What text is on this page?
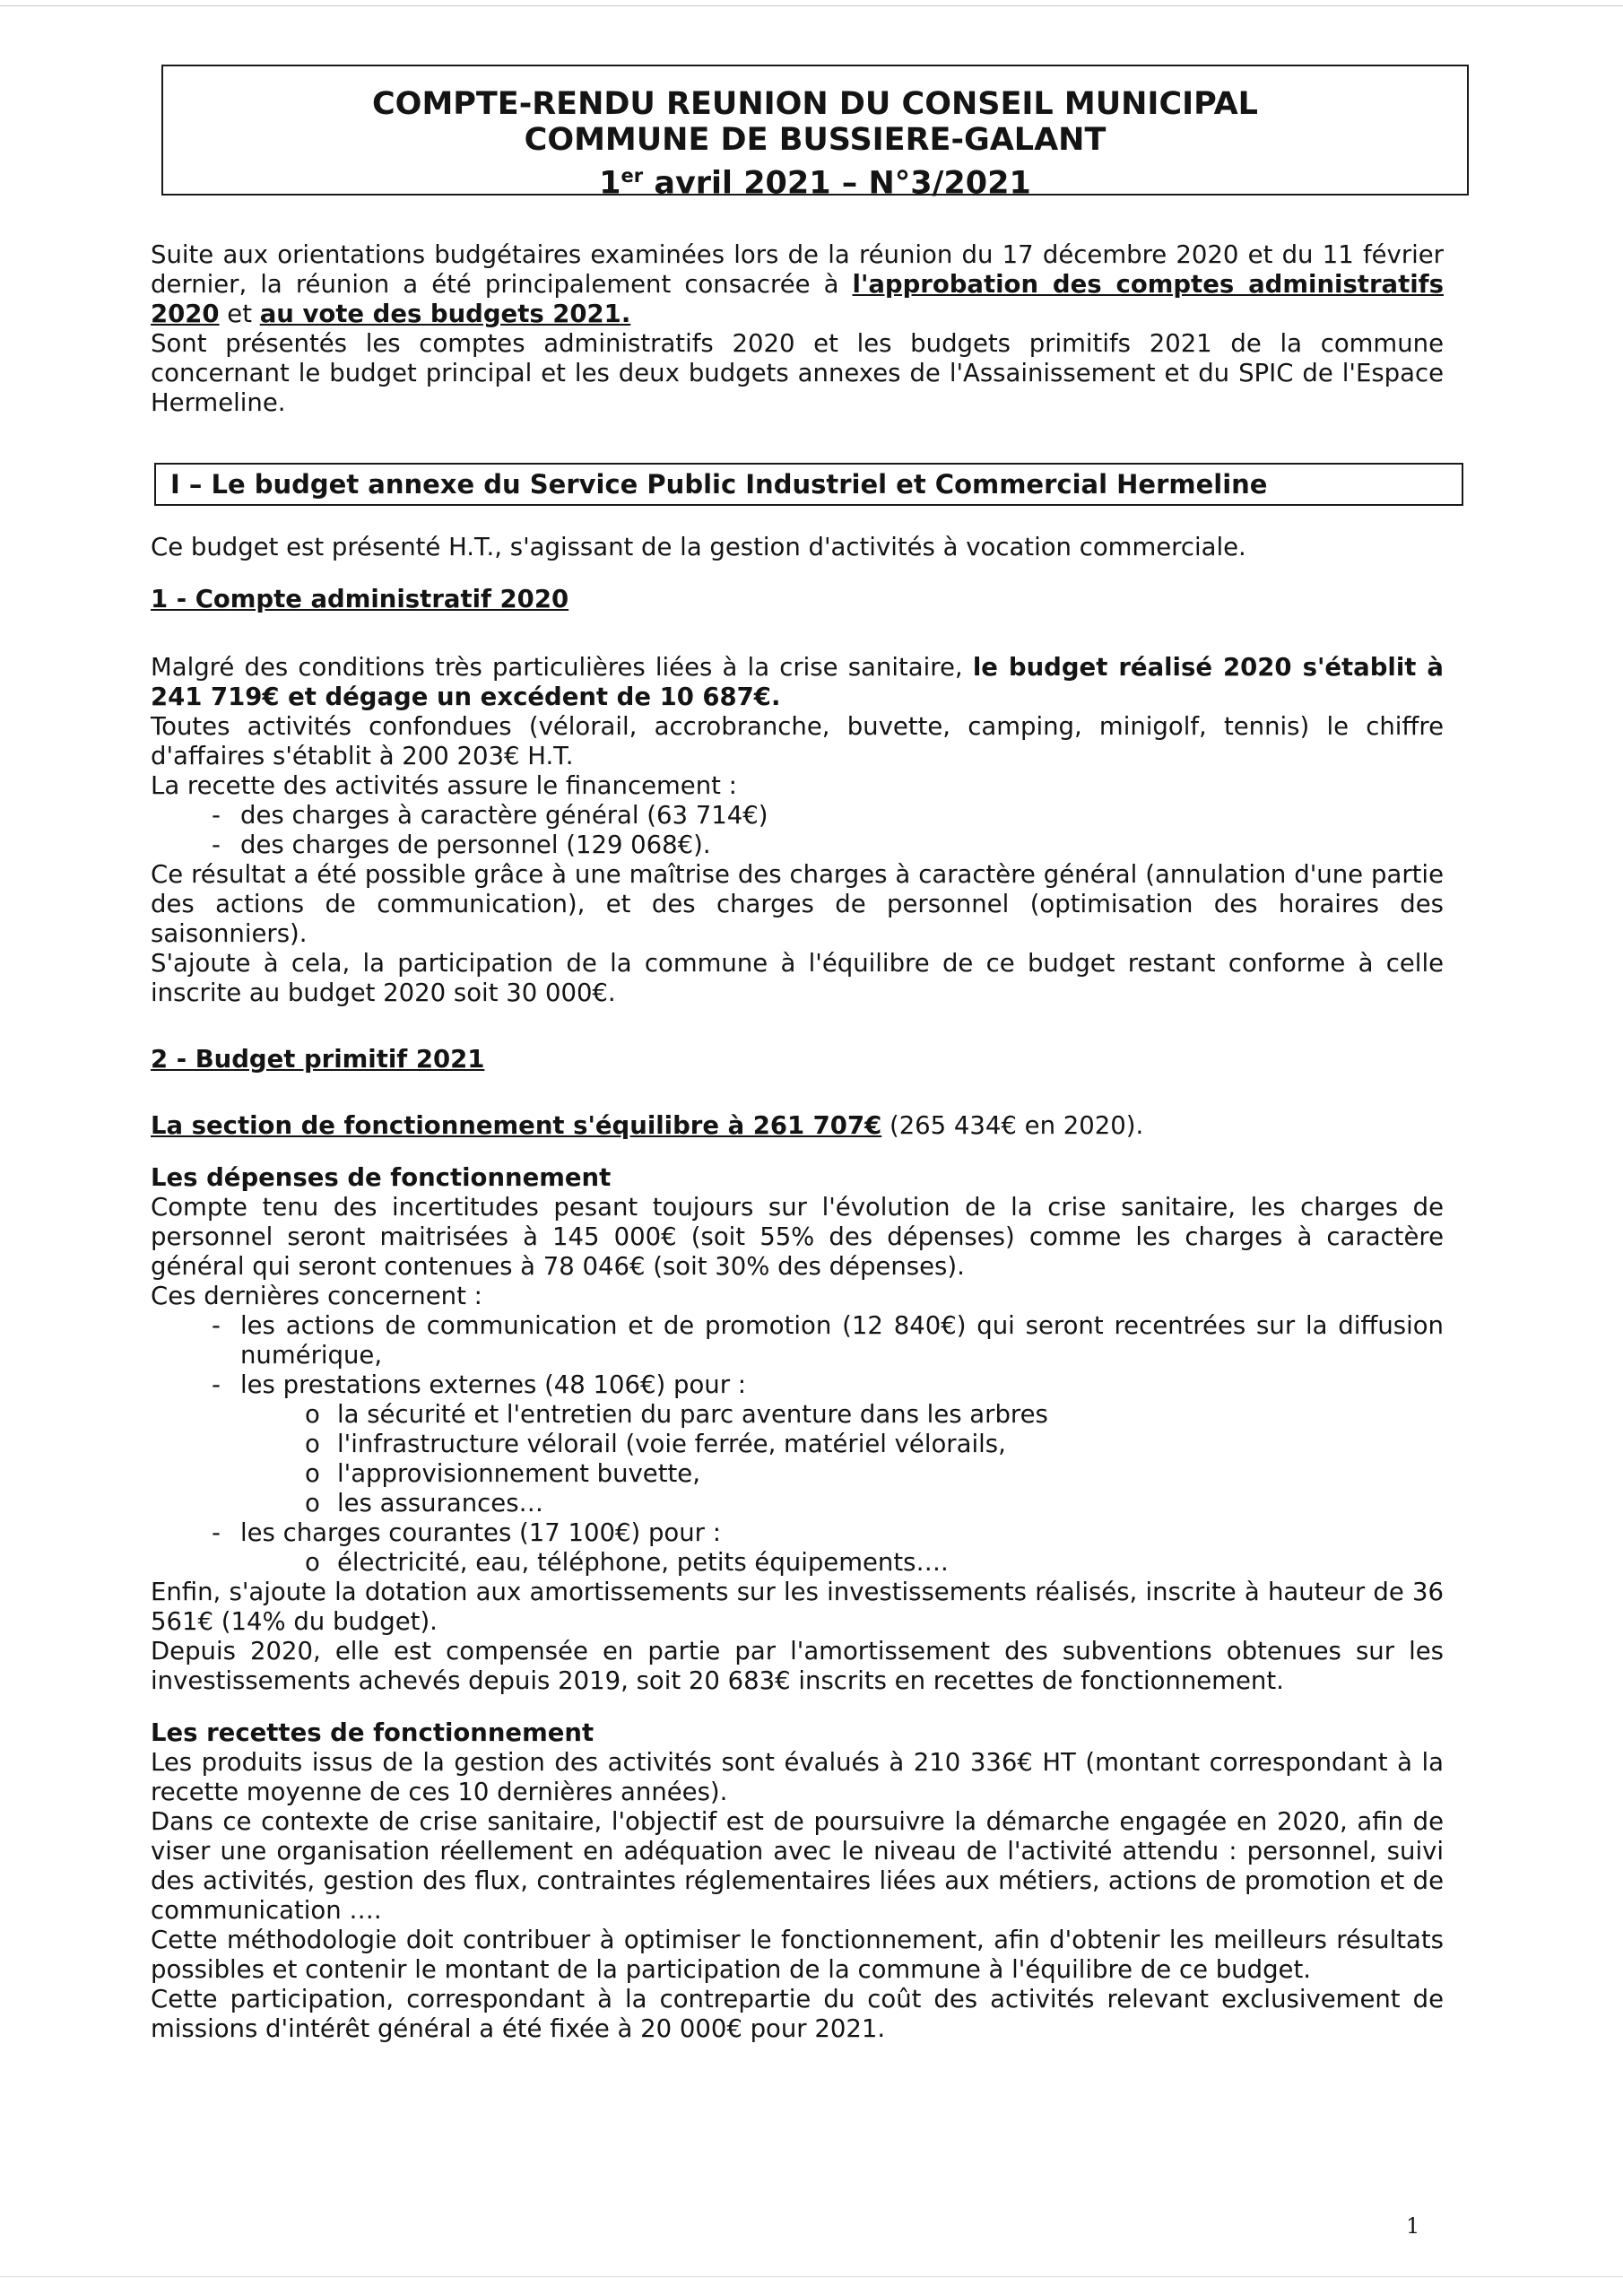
COMPTE-RENDU REUNION DU CONSEIL MUNICIPAL
COMMUNE DE BUSSIERE-GALANT
1er avril 2021 – N°3/2021

Suite aux orientations budgétaires examinées lors de la réunion du 17 décembre 2020 et du 11 février dernier, la réunion a été principalement consacrée à l'approbation des comptes administratifs 2020 et au vote des budgets 2021.

Sont présentés les comptes administratifs 2020 et les budgets primitifs 2021 de la commune concernant le budget principal et les deux budgets annexes de l'Assainissement et du SPIC de l'Espace Hermeline.

I – Le budget annexe du Service Public Industriel et Commercial Hermeline

Ce budget est présenté H.T., s'agissant de la gestion d'activités à vocation commerciale.

1 - Compte administratif 2020

Malgré des conditions très particulières liées à la crise sanitaire, le budget réalisé 2020 s'établit à 241 719€ et dégage un excédent de 10 687€.

Toutes activités confondues (vélorail, accrobranche, buvette, camping, minigolf, tennis) le chiffre d'affaires s'établit à 200 203€ H.T.

La recette des activités assure le financement :

- des charges à caractère général (63 714€)
- des charges de personnel (129 068€).

Ce résultat a été possible grâce à une maîtrise des charges à caractère général (annulation d'une partie des actions de communication), et des charges de personnel (optimisation des horaires des saisonniers).

S'ajoute à cela, la participation de la commune à l'équilibre de ce budget restant conforme à celle inscrite au budget 2020 soit 30 000€.

2 - Budget primitif 2021

La section de fonctionnement s'équilibre à 261 707€ (265 434€ en 2020).

Les dépenses de fonctionnement

Compte tenu des incertitudes pesant toujours sur l'évolution de la crise sanitaire, les charges de personnel seront maitrisées à 145 000€ (soit 55% des dépenses) comme les charges à caractère général qui seront contenues à 78 046€ (soit 30% des dépenses).

Ces dernières concernent :

- les actions de communication et de promotion (12 840€) qui seront recentrées sur la diffusion numérique,
- les prestations externes (48 106€) pour :
o la sécurité et l'entretien du parc aventure dans les arbres
o l'infrastructure vélorail (voie ferrée, matériel vélorails,
o l'approvisionnement buvette,
o les assurances…
- les charges courantes (17 100€) pour :
o électricité, eau, téléphone, petits équipements….

Enfin, s'ajoute la dotation aux amortissements sur les investissements réalisés, inscrite à hauteur de 36 561€ (14% du budget).

Depuis 2020, elle est compensée en partie par l'amortissement des subventions obtenues sur les investissements achevés depuis 2019, soit 20 683€ inscrits en recettes de fonctionnement.

Les recettes de fonctionnement

Les produits issus de la gestion des activités sont évalués à 210 336€ HT (montant correspondant à la recette moyenne de ces 10 dernières années).

Dans ce contexte de crise sanitaire, l'objectif est de poursuivre la démarche engagée en 2020, afin de viser une organisation réellement en adéquation avec le niveau de l'activité attendu : personnel, suivi des activités, gestion des flux, contraintes réglementaires liées aux métiers, actions de promotion et de communication ….

Cette méthodologie doit contribuer à optimiser le fonctionnement, afin d'obtenir les meilleurs résultats possibles et contenir le montant de la participation de la commune à l'équilibre de ce budget.

Cette participation, correspondant à la contrepartie du coût des activités relevant exclusivement de missions d'intérêt général a été fixée à 20 000€ pour 2021.

1
